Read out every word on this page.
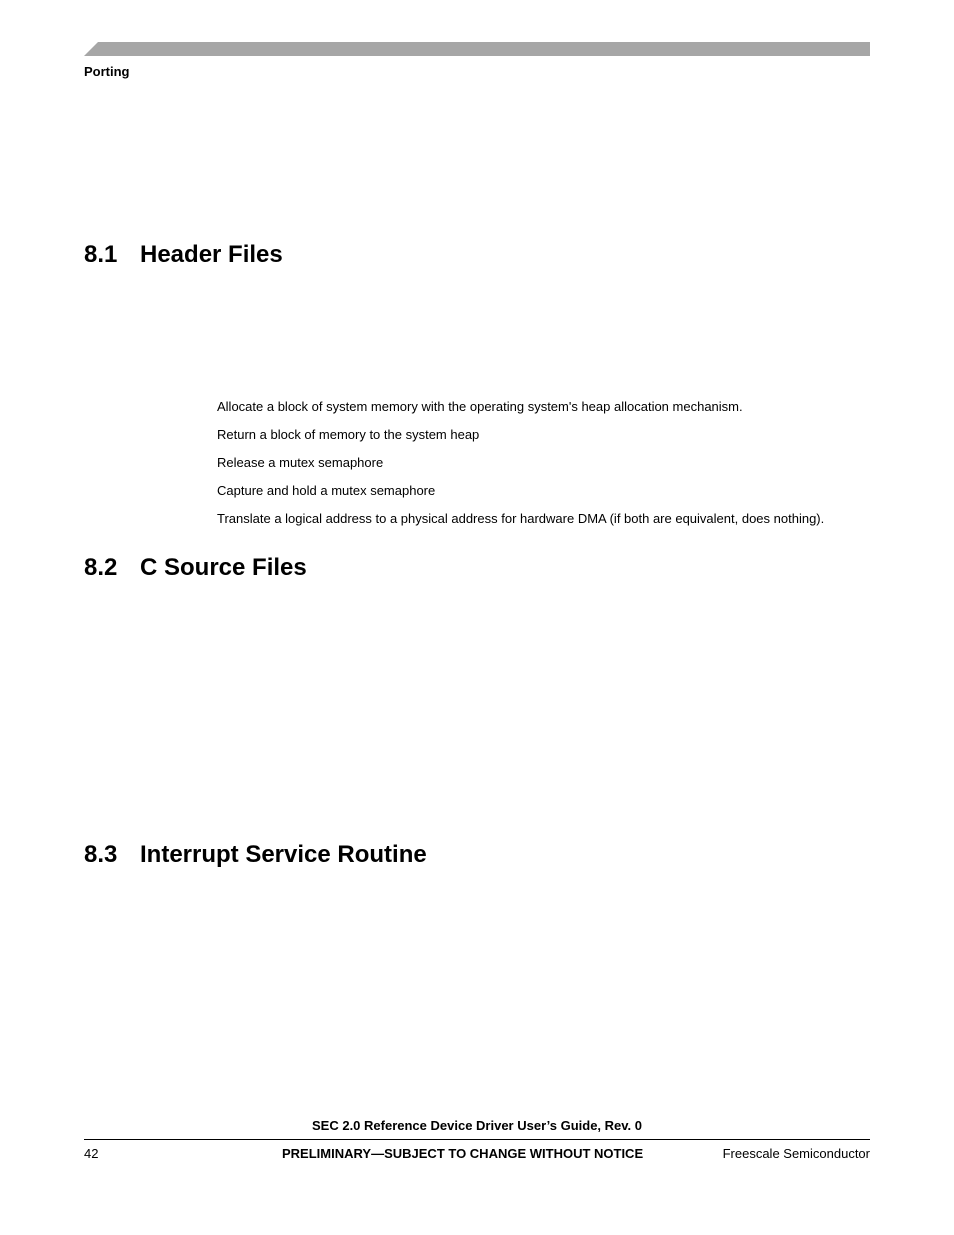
Porting
8.1 Header Files
Allocate a block of system memory with the operating system's heap allocation mechanism.
Return a block of memory to the system heap
Release a mutex semaphore
Capture and hold a mutex semaphore
Translate a logical address to a physical address for hardware DMA (if both are equivalent, does nothing).
8.2 C Source Files
8.3 Interrupt Service Routine
SEC 2.0 Reference Device Driver User’s Guide, Rev. 0
42	PRELIMINARY—SUBJECT TO CHANGE WITHOUT NOTICE	Freescale Semiconductor
